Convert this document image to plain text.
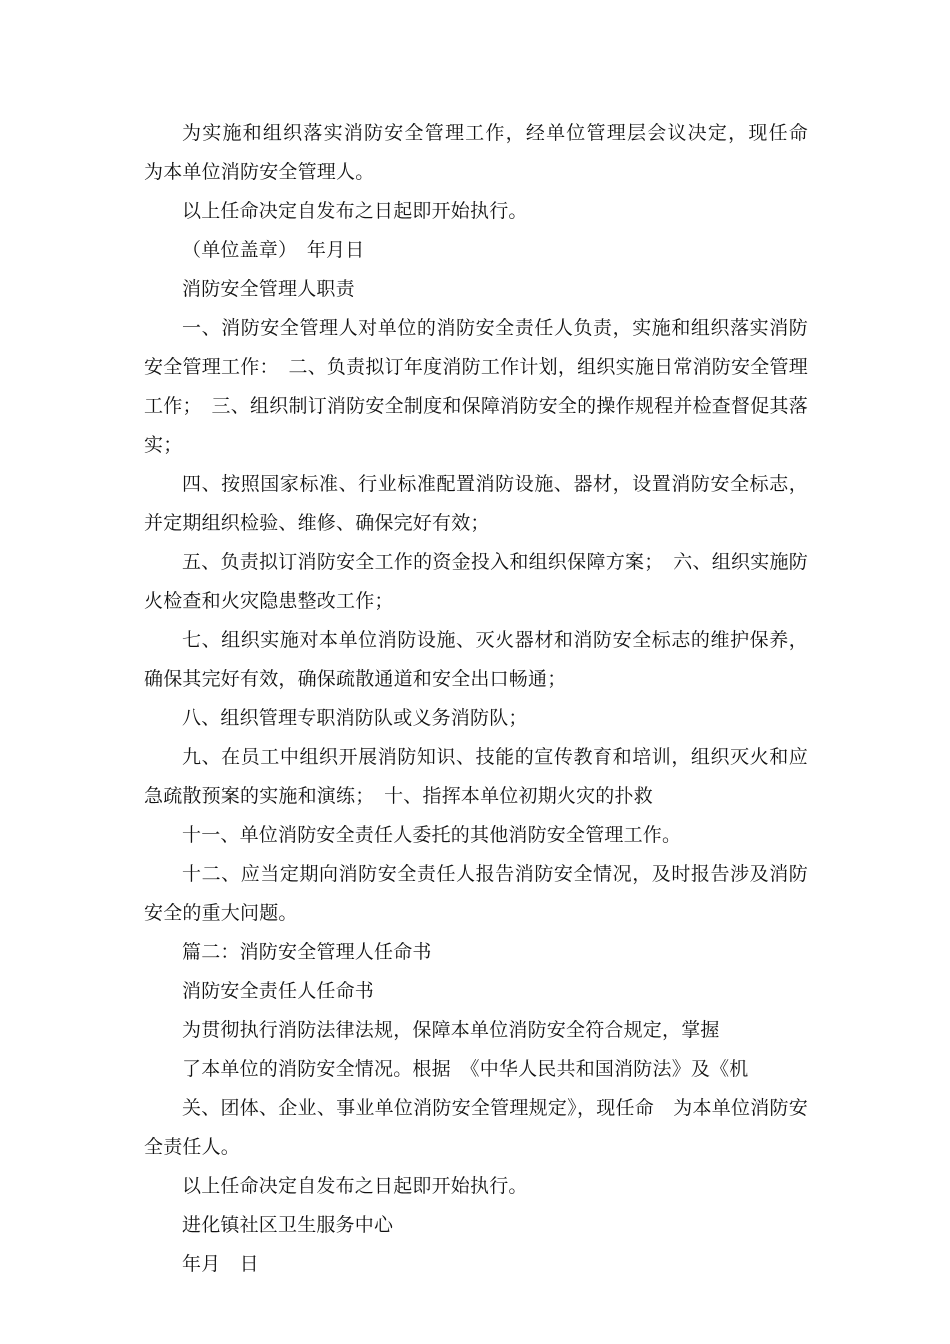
为实施和组织落实消防安全管理工作，经单位管理层会议决定，现任命　为本单位消防安全管理人。

以上任命决定自发布之日起即开始执行。

（单位盖章）　年月日

消防安全管理人职责

一、消防安全管理人对单位的消防安全责任人负责，实施和组织落实消防安全管理工作：　二、负责拟订年度消防工作计划，组织实施日常消防安全管理工作；　三、组织制订消防安全制度和保障消防安全的操作规程并检查督促其落实；

四、按照国家标准、行业标准配置消防设施、器材，设置消防安全标志，并定期组织检验、维修、确保完好有效；

五、负责拟订消防安全工作的资金投入和组织保障方案；　六、组织实施防火检查和火灾隐患整改工作；

七、组织实施对本单位消防设施、灭火器材和消防安全标志的维护保养，确保其完好有效，确保疏散通道和安全出口畅通；

八、组织管理专职消防队或义务消防队；

九、在员工中组织开展消防知识、技能的宣传教育和培训，组织灭火和应急疏散预案的实施和演练；　十、指挥本单位初期火灾的扑救

十一、单位消防安全责任人委托的其他消防安全管理工作。

十二、应当定期向消防安全责任人报告消防安全情况，及时报告涉及消防安全的重大问题。

篇二：消防安全管理人任命书

消防安全责任人任命书

为贯彻执行消防法律法规，保障本单位消防安全符合规定，掌握

了本单位的消防安全情况。根据　《中华人民共和国消防法》及《机

关、团体、企业、事业单位消防安全管理规定》，现任命　为本单位消防安全责任人。

以上任命决定自发布之日起即开始执行。

进化镇社区卫生服务中心

年月　日
